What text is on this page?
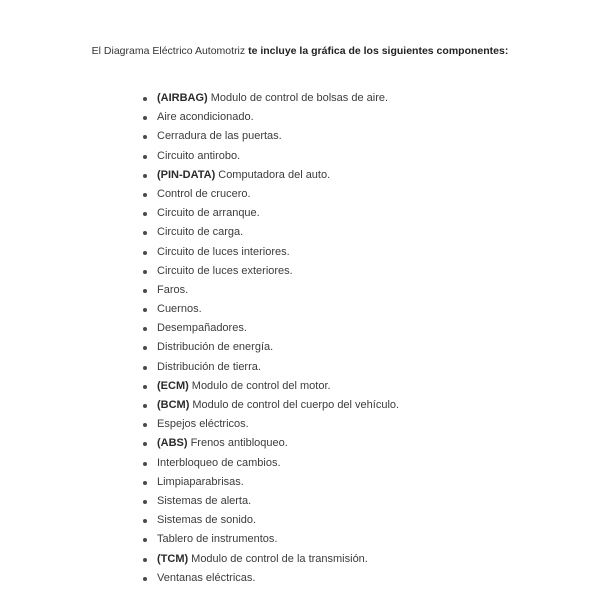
El Diagrama Eléctrico Automotriz te incluye la gráfica de los siguientes componentes:
(AIRBAG) Modulo de control de bolsas de aire.
Aire acondicionado.
Cerradura de las puertas.
Circuito antirobo.
(PIN-DATA) Computadora del auto.
Control de crucero.
Circuito de arranque.
Circuito de carga.
Circuito de luces interiores.
Circuito de luces exteriores.
Faros.
Cuernos.
Desempañadores.
Distribución de energía.
Distribución de tierra.
(ECM) Modulo de control del motor.
(BCM) Modulo de control del cuerpo del vehículo.
Espejos eléctricos.
(ABS) Frenos antibloqueo.
Interbloqueo de cambios.
Limpiaparabrisas.
Sistemas de alerta.
Sistemas de sonido.
Tablero de instrumentos.
(TCM) Modulo de control de la transmisión.
Ventanas eléctricas.
